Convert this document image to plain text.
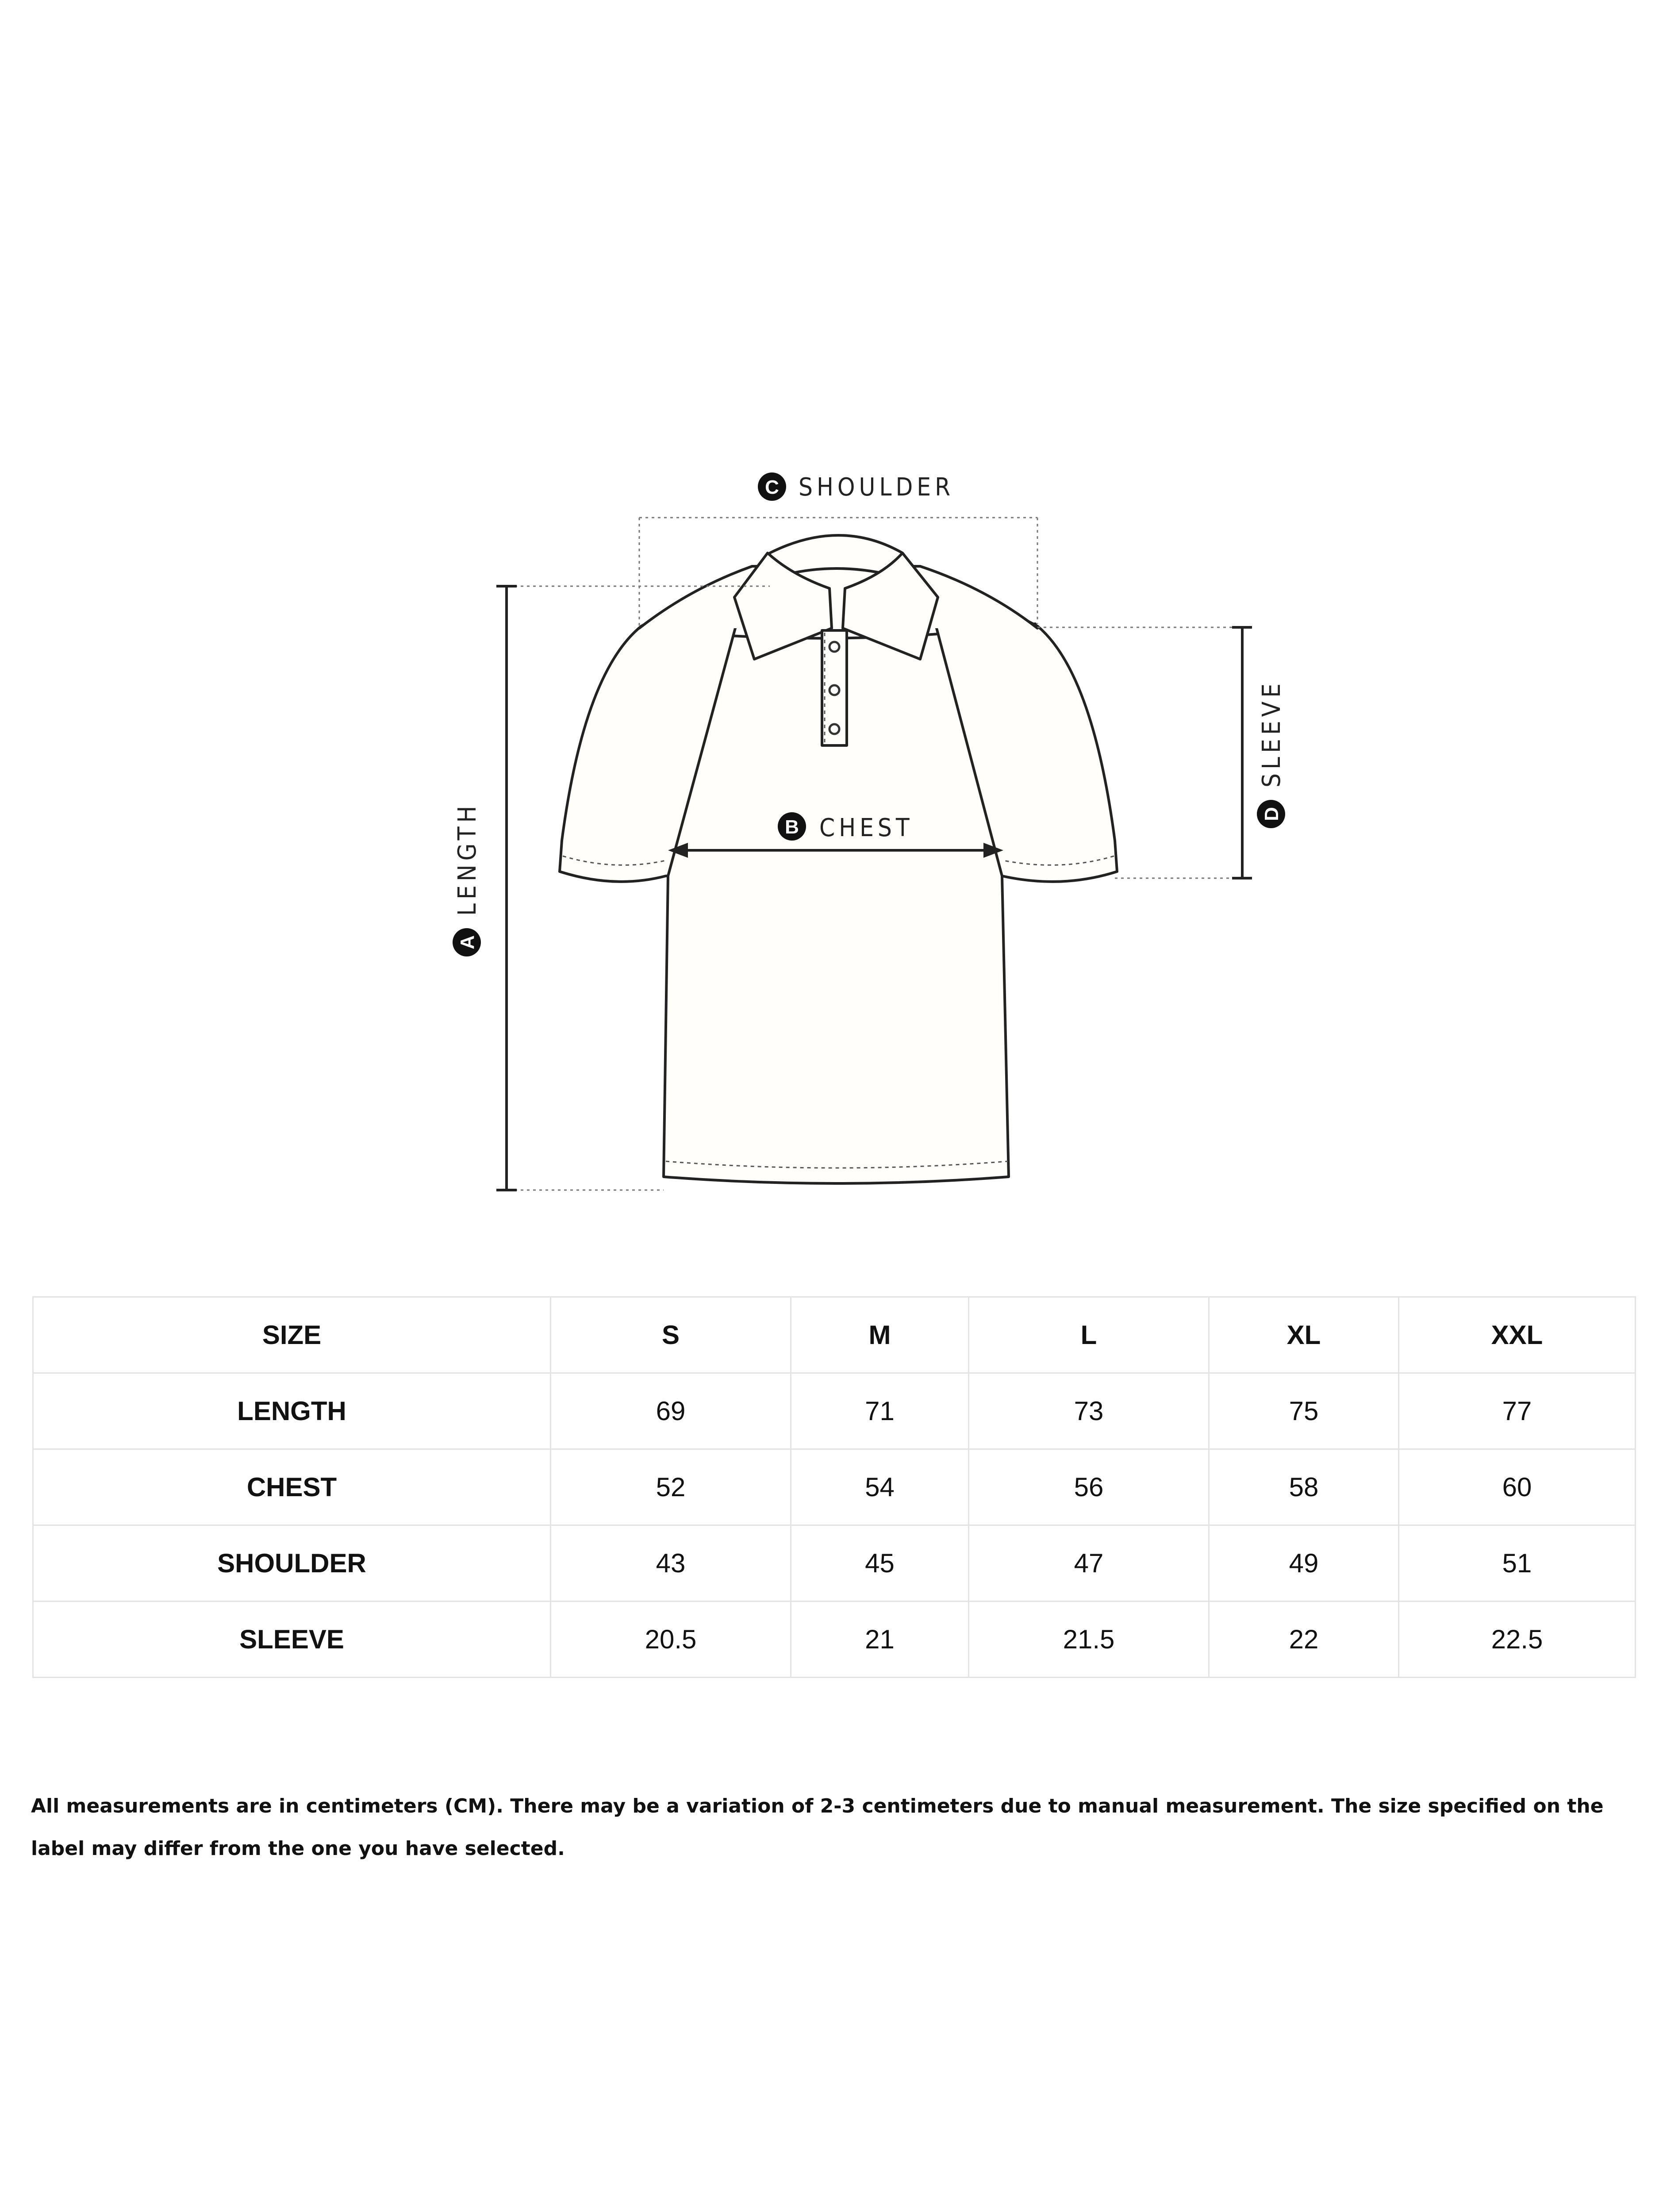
C SHOULDER
B CHEST
A
LENGTH	D
SLEEVE
SIZE	S	M	L	XL	XXL
LENGTH	69	71	73	75	77
CHEST	52	54	56	58	60
SHOULDER	43	45	47	49	51
SLEEVE	20.5	21	21.5	22	22.5

All measurements are in centimeters (CM). There may be a variation of 2-3 centimeters due to manual measurement. The size specified on the label may differ from the one you have selected.
